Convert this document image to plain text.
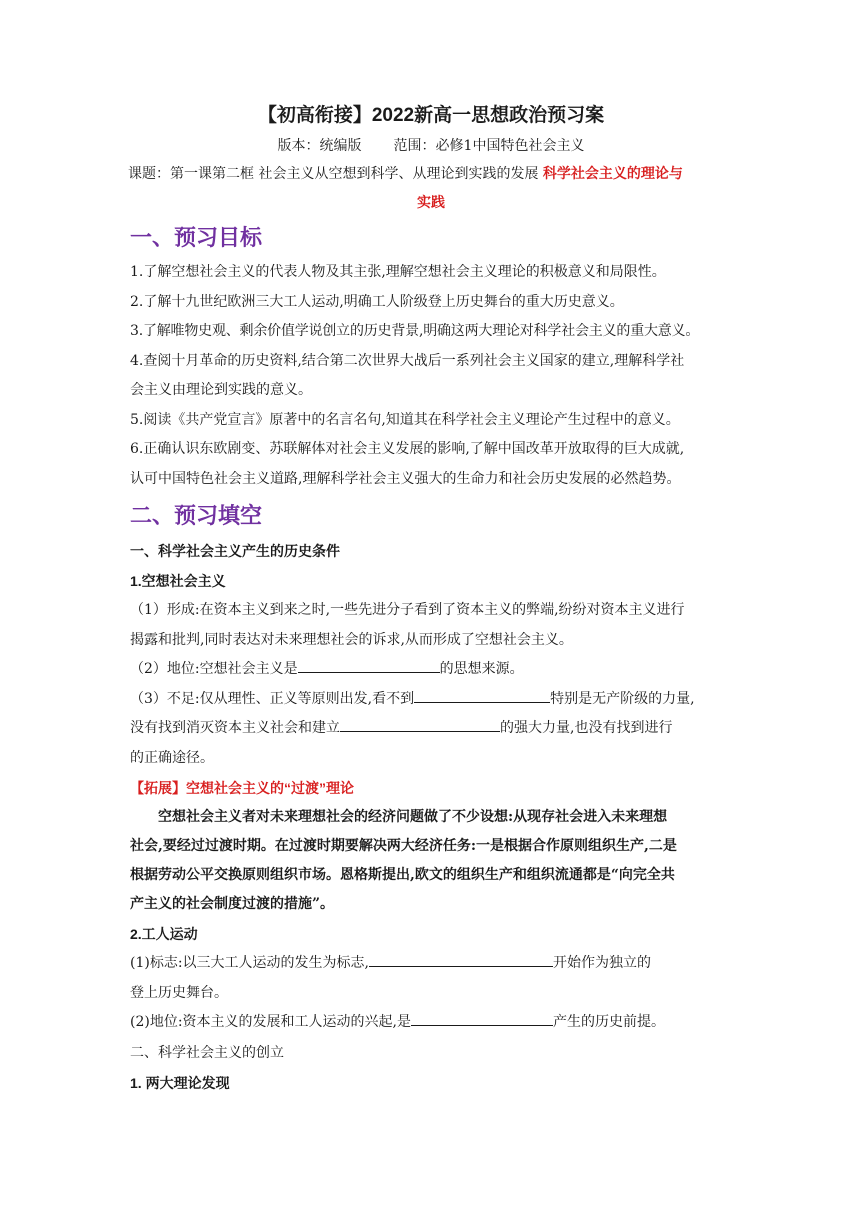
【初高衔接】2022新高一思想政治预习案

版本：统编版 范围：必修1中国特色社会主义

课题：第一课第二框 社会主义从空想到科学、从理论到实践的发展 科学社会主义的理论与
实践

一、预习目标

1.了解空想社会主义的代表人物及其主张,理解空想社会主义理论的积极意义和局限性。

2.了解十九世纪欧洲三大工人运动,明确工人阶级登上历史舞台的重大历史意义。

3.了解唯物史观、剩余价值学说创立的历史背景,明确这两大理论对科学社会主义的重大意义。

4.查阅十月革命的历史资料,结合第二次世界大战后一系列社会主义国家的建立,理解科学社

会主义由理论到实践的意义。

5.阅读《共产党宣言》原著中的名言名句,知道其在科学社会主义理论产生过程中的意义。

6.正确认识东欧剧变、苏联解体对社会主义发展的影响,了解中国改革开放取得的巨大成就,

认可中国特色社会主义道路,理解科学社会主义强大的生命力和社会历史发展的必然趋势。

二、预习填空

一、科学社会主义产生的历史条件

1.空想社会主义

（1）形成:在资本主义到来之时,一些先进分子看到了资本主义的弊端,纷纷对资本主义进行

揭露和批判,同时表达对未来理想社会的诉求,从而形成了空想社会主义。

（2）地位:空想社会主义是	的思想来源。

（3）不足:仅从理性、正义等原则出发,看不到	特别是无产阶级的力量,

没有找到消灭资本主义社会和建立	的强大力量,也没有找到进行

的正确途径。

【拓展】空想社会主义的“过渡”理论

空想社会主义者对未来理想社会的经济问题做了不少设想:从现存社会进入未来理想

社会,要经过过渡时期。在过渡时期要解决两大经济任务:一是根据合作原则组织生产,二是

根据劳动公平交换原则组织市场。恩格斯提出,欧文的组织生产和组织流通都是“向完全共

产主义的社会制度过渡的措施”。

2.工人运动

(1)标志:以三大工人运动的发生为标志,	开始作为独立的

登上历史舞台。

(2)地位:资本主义的发展和工人运动的兴起,是	产生的历史前提。

二、科学社会主义的创立

1. 两大理论发现
